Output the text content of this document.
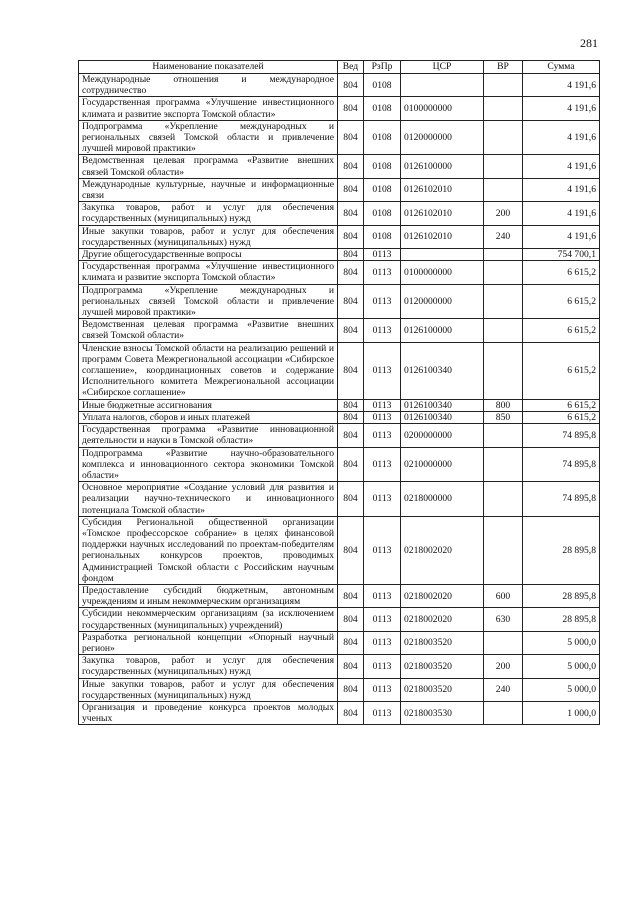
281
Наименование показателей	Вед	РзПр	ЦСР	ВР	Сумма
Международные отношения и международное сотрудничество	804	0108			4 191,6
Государственная программа «Улучшение инвестиционного климата и развитие экспорта Томской области»	804	0108	0100000000		4 191,6
Подпрограмма «Укрепление международных и региональных связей Томской области и привлечение лучшей мировой практики»	804	0108	0120000000		4 191,6
Ведомственная целевая программа «Развитие внешних связей Томской области»	804	0108	0126100000		4 191,6
Международные культурные, научные и информационные связи	804	0108	0126102010		4 191,6
Закупка товаров, работ и услуг для обеспечения государственных (муниципальных) нужд	804	0108	0126102010	200	4 191,6
Иные закупки товаров, работ и услуг для обеспечения государственных (муниципальных) нужд	804	0108	0126102010	240	4 191,6
Другие общегосударственные вопросы	804	0113			754 700,1
Государственная программа «Улучшение инвестиционного климата и развитие экспорта Томской области»	804	0113	0100000000		6 615,2
Подпрограмма «Укрепление международных и региональных связей Томской области и привлечение лучшей мировой практики»	804	0113	0120000000		6 615,2
Ведомственная целевая программа «Развитие внешних связей Томской области»	804	0113	0126100000		6 615,2
Членские взносы Томской области на реализацию решений и программ Совета Межрегиональной ассоциации «Сибирское соглашение», координационных советов и содержание Исполнительного комитета Межрегиональной ассоциации «Сибирское соглашение»	804	0113	0126100340		6 615,2
Иные бюджетные ассигнования	804	0113	0126100340	800	6 615,2
Уплата налогов, сборов и иных платежей	804	0113	0126100340	850	6 615,2
Государственная программа «Развитие инновационной деятельности и науки в Томской области»	804	0113	0200000000		74 895,8
Подпрограмма «Развитие научно-образовательного комплекса и инновационного сектора экономики Томской области»	804	0113	0210000000		74 895,8
Основное мероприятие «Создание условий для развития и реализации научно-технического и инновационного потенциала Томской области»	804	0113	0218000000		74 895,8
Субсидия Региональной общественной организации «Томское профессорское собрание» в целях финансовой поддержки научных исследований по проектам-победителям региональных конкурсов проектов, проводимых Администрацией Томской области с Российским научным фондом	804	0113	0218002020		28 895,8
Предоставление субсидий бюджетным, автономным учреждениям и иным некоммерческим организациям	804	0113	0218002020	600	28 895,8
Субсидии некоммерческим организациям (за исключением государственных (муниципальных) учреждений)	804	0113	0218002020	630	28 895,8
Разработка региональной концепции «Опорный научный регион»	804	0113	0218003520		5 000,0
Закупка товаров, работ и услуг для обеспечения государственных (муниципальных) нужд	804	0113	0218003520	200	5 000,0
Иные закупки товаров, работ и услуг для обеспечения государственных (муниципальных) нужд	804	0113	0218003520	240	5 000,0
Организация и проведение конкурса проектов молодых ученых	804	0113	0218003530		1 000,0
